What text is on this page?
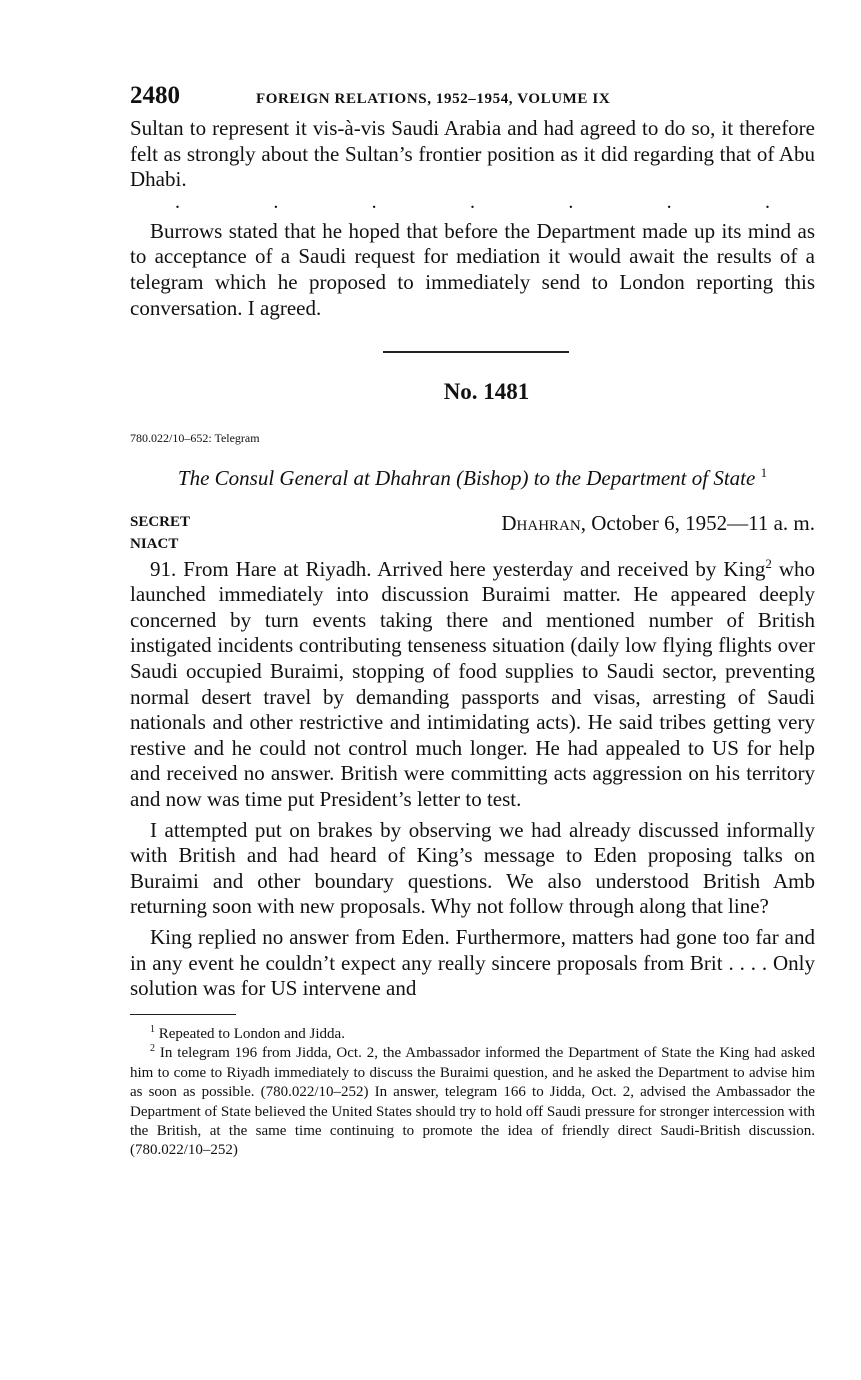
2480	FOREIGN RELATIONS, 1952–1954, VOLUME IX

Sultan to represent it vis-à-vis Saudi Arabia and had agreed to do so, it therefore felt as strongly about the Sultan’s frontier position as it did regarding that of Abu Dhabi.

.	.	.	.	.	.	.

Burrows stated that he hoped that before the Department made up its mind as to acceptance of a Saudi request for mediation it would await the results of a telegram which he proposed to immediately send to London reporting this conversation. I agreed.

No. 1481
780.022/10–652: Telegram
The Consul General at Dhahran (Bishop) to the Department of State $^1$
SECRET
NIACT
Dhahran, October 6, 1952—11 a. m.

91. From Hare at Riyadh. Arrived here yesterday and received by King$^2$ who launched immediately into discussion Buraimi matter. He appeared deeply concerned by turn events taking there and mentioned number of British instigated incidents contributing tenseness situation (daily low flying flights over Saudi occupied Buraimi, stopping of food supplies to Saudi sector, preventing normal desert travel by demanding passports and visas, arresting of Saudi nationals and other restrictive and intimidating acts). He said tribes getting very restive and he could not control much longer. He had appealed to US for help and received no answer. British were committing acts aggression on his territory and now was time put President’s letter to test.

I attempted put on brakes by observing we had already discussed informally with British and had heard of King’s message to Eden proposing talks on Buraimi and other boundary questions. We also understood British Amb returning soon with new proposals. Why not follow through along that line?

King replied no answer from Eden. Furthermore, matters had gone too far and in any event he couldn’t expect any really sincere proposals from Brit . . . . Only solution was for US intervene and

$^1$ Repeated to London and Jidda.

$^2$ In telegram 196 from Jidda, Oct. 2, the Ambassador informed the Department of State the King had asked him to come to Riyadh immediately to discuss the Buraimi question, and he asked the Department to advise him as soon as possible. (780.022/10–252) In answer, telegram 166 to Jidda, Oct. 2, advised the Ambassador the Department of State believed the United States should try to hold off Saudi pressure for stronger intercession with the British, at the same time continuing to promote the idea of friendly direct Saudi-British discussion. (780.022/10–252)
